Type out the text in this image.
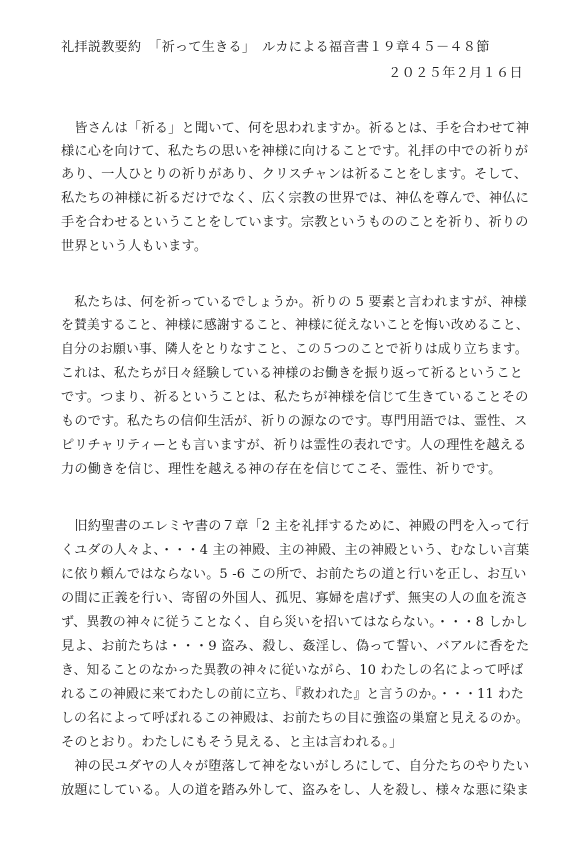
礼拝説教要約　「祈って生きる」　ルカによる福音書１９章４５－４８節
２０２５年２月１６日
　皆さんは「祈る」と聞いて、何を思われますか。祈るとは、手を合わせて神
様に心を向けて、私たちの思いを神様に向けることです。礼拝の中での祈りが
あり、一人ひとりの祈りがあり、クリスチャンは祈ることをします。そして、
私たちの神様に祈るだけでなく、広く宗教の世界では、神仏を尊んで、神仏に
手を合わせるということをしています。宗教というもののことを祈り、祈りの
世界という人もいます。
　私たちは、何を祈っているでしょうか。祈りの 5 要素と言われますが、神様
を賛美すること、神様に感謝すること、神様に従えないことを悔い改めること、
自分のお願い事、隣人をとりなすこと、この５つのことで祈りは成り立ちます。
これは、私たちが日々経験している神様のお働きを振り返って祈るということ
です。つまり、祈るということは、私たちが神様を信じて生きていることその
ものです。私たちの信仰生活が、祈りの源なのです。専門用語では、霊性、ス
ピリチャリティーとも言いますが、祈りは霊性の表れです。人の理性を越える
力の働きを信じ、理性を越える神の存在を信じてこそ、霊性、祈りです。
　旧約聖書のエレミヤ書の７章「2 主を礼拝するために、神殿の門を入って行
くユダの人々よ、・・・4 主の神殿、主の神殿、主の神殿という、むなしい言葉
に依り頼んではならない。5 -6 この所で、お前たちの道と行いを正し、お互い
の間に正義を行い、寄留の外国人、孤児、寡婦を虐げず、無実の人の血を流さ
ず、異教の神々に従うことなく、自ら災いを招いてはならない。・・・8 しかし
見よ、お前たちは・・・9 盗み、殺し、姦淫し、偽って誓い、バアルに香をた
き、知ることのなかった異教の神々に従いながら、10 わたしの名によって呼ば
れるこの神殿に来てわたしの前に立ち、『救われた』と言うのか。・・・11 わた
しの名によって呼ばれるこの神殿は、お前たちの目に強盗の巣窟と見えるのか。
そのとおり。わたしにもそう見える、と主は言われる。」
　神の民ユダヤの人々が堕落して神をないがしろにして、自分たちのやりたい
放題にしている。人の道を踏み外して、盗みをし、人を殺し、様々な悪に染ま
